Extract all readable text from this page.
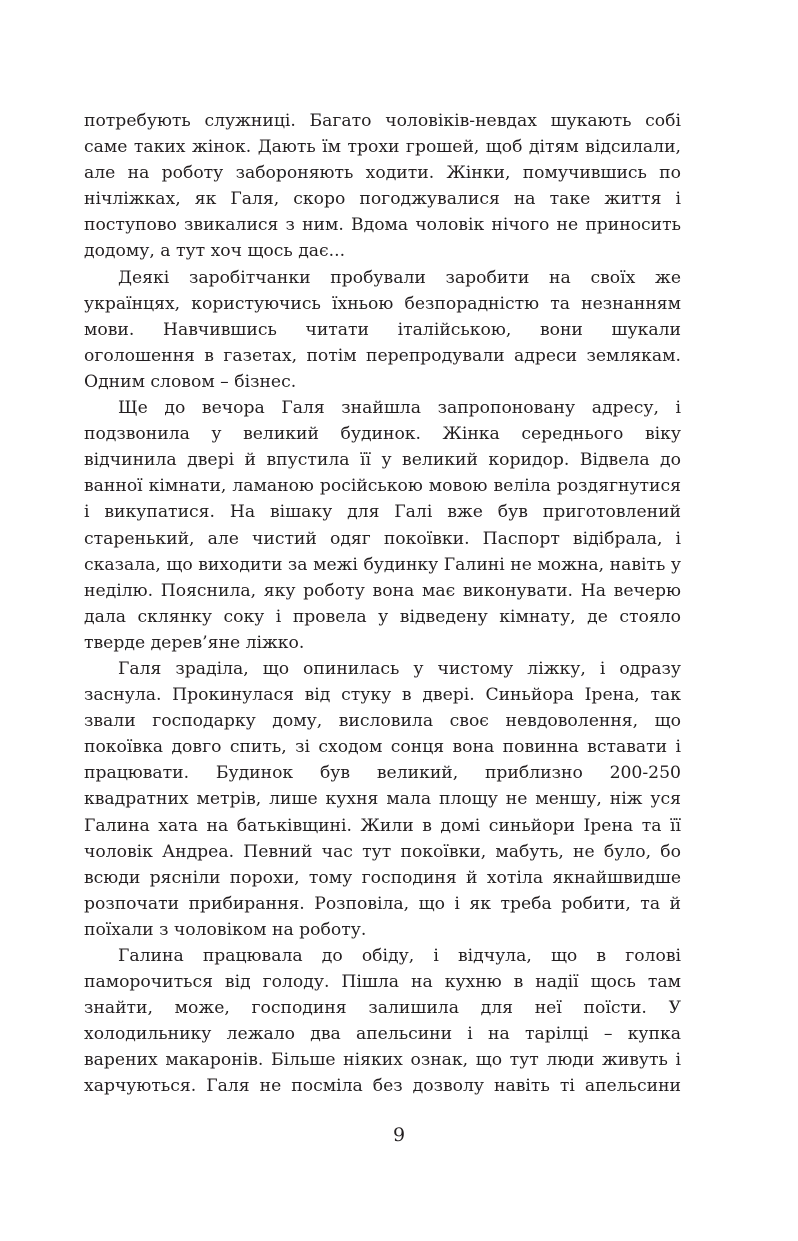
потребують служниці. Багато чоловіків-невдах шукають собі саме таких жінок. Дають їм трохи грошей, щоб дітям відсилали, але на роботу забороняють ходити. Жінки, помучившись по нічліжках, як Галя, скоро погоджувалися на таке життя і поступово звикалися з ним. Вдома чоловік нічого не приносить додому, а тут хоч щось дає...

Деякі заробітчанки пробували заробити на своїх же українцях, користуючись їхньою безпорадністю та незнанням мови. Навчившись читати італійською, вони шукали оголошення в газетах, потім перепродували адреси землякам. Одним словом – бізнес.

Ще до вечора Галя знайшла запропоновану адресу, і подзвонила у великий будинок. Жінка середнього віку відчинила двері й впустила її у великий коридор. Відвела до ванної кімнати, ламаною російською мовою веліла роздягнутися і викупатися. На вішаку для Галі вже був приготовлений старенький, але чистий одяг покоївки. Паспорт відібрала, і сказала, що виходити за межі будинку Галині не можна, навіть у неділю. Пояснила, яку роботу вона має виконувати. На вечерю дала склянку соку і провела у відведену кімнату, де стояло тверде дерев’яне ліжко.

Галя зраділа, що опинилась у чистому ліжку, і одразу заснула. Прокинулася від стуку в двері. Синьйора Ірена, так звали господарку дому, висловила своє невдоволення, що покоївка довго спить, зі сходом сонця вона повинна вставати і працювати. Будинок був великий, приблизно 200-250 квадратних метрів, лише кухня мала площу не меншу, ніж уся Галина хата на батьківщині. Жили в домі синьйори Ірена та її чоловік Андреа. Певний час тут покоївки, мабуть, не було, бо всюди рясніли порохи, тому господиня й хотіла якнайшвидше розпочати прибирання. Розповіла, що і як треба робити, та й поїхали з чоловіком на роботу.

Галина працювала до обіду, і відчула, що в голові паморочиться від голоду. Пішла на кухню в надії щось там знайти, може, господиня залишила для неї поїсти. У холодильнику лежало два апельсини і на тарілці – купка варених макаронів. Більше ніяких ознак, що тут люди живуть і харчуються. Галя не посміла без дозволу навіть ті апельсини

9
